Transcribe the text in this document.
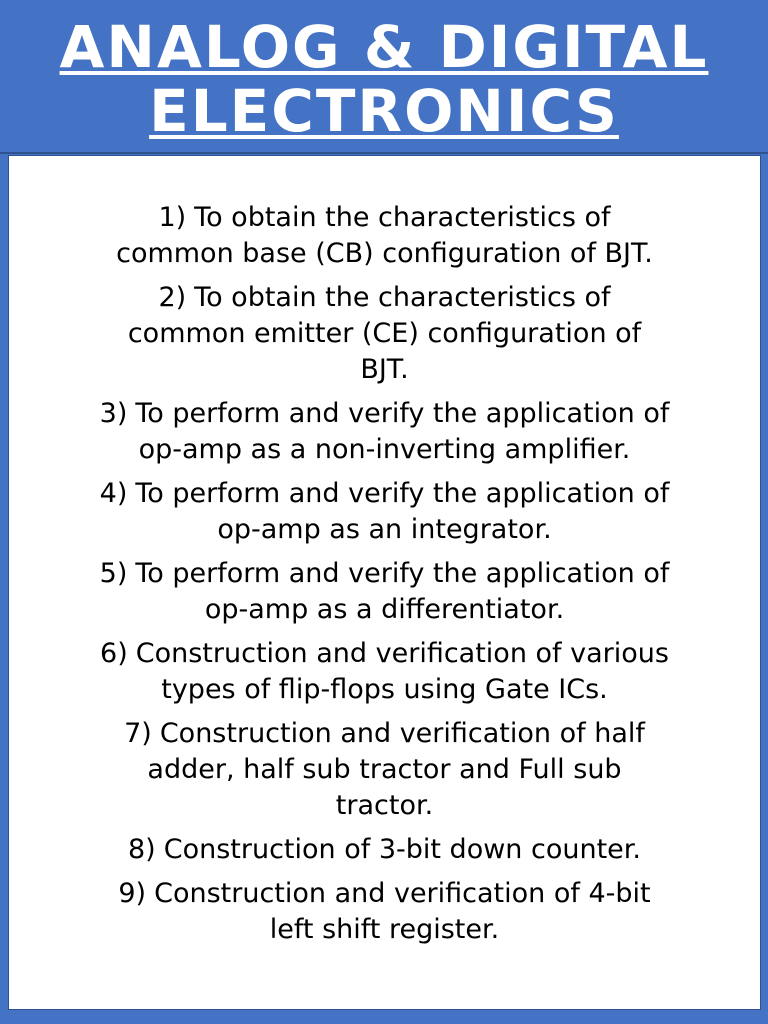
ANALOG & DIGITAL
ELECTRONICS
1) To obtain the characteristics of
common base (CB) configuration of BJT.
2) To obtain the characteristics of
common emitter (CE) configuration of
BJT.
3) To perform and verify the application of
op-amp as a non-inverting amplifier.
4) To perform and verify the application of
op-amp as an integrator.
5) To perform and verify the application of
op-amp as a differentiator.
6) Construction and verification of various
types of flip-flops using Gate ICs.
7) Construction and verification of half
adder, half sub tractor and Full sub
tractor.
8) Construction of 3-bit down counter.
9) Construction and verification of 4-bit
left shift register.
